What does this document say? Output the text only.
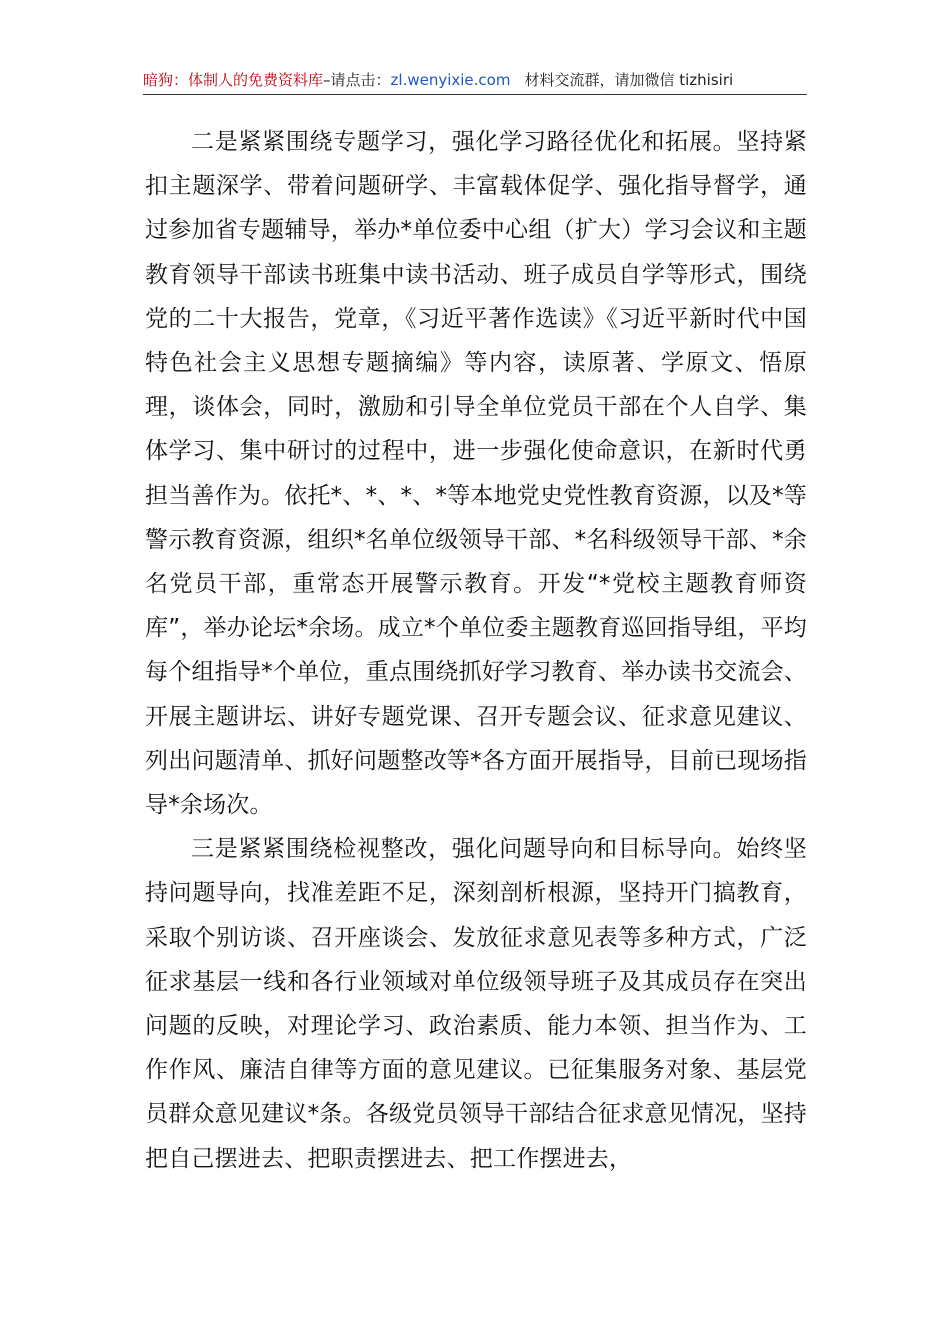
暗狗：体制人的免费资料库–请点击：zl.wenyixie.com 材料交流群，请加微信 tizhisiri

二是紧紧围绕专题学习，强化学习路径优化和拓展。坚持紧扣主题深学、带着问题研学、丰富载体促学、强化指导督学，通过参加省专题辅导，举办*单位委中心组（扩大）学习会议和主题教育领导干部读书班集中读书活动、班子成员自学等形式，围绕党的二十大报告，党章，《习近平著作选读》《习近平新时代中国特色社会主义思想专题摘编》等内容，读原著、学原文、悟原理，谈体会，同时，激励和引导全单位党员干部在个人自学、集体学习、集中研讨的过程中，进一步强化使命意识，在新时代勇担当善作为。依托*、*、*、*等本地党史党性教育资源，以及*等警示教育资源，组织*名单位级领导干部、*名科级领导干部、*余名党员干部，重常态开展警示教育。开发“*党校主题教育师资库”，举办论坛*余场。成立*个单位委主题教育巡回指导组，平均每个组指导*个单位，重点围绕抓好学习教育、举办读书交流会、开展主题讲坛、讲好专题党课、召开专题会议、征求意见建议、列出问题清单、抓好问题整改等*各方面开展指导，目前已现场指导*余场次。

三是紧紧围绕检视整改，强化问题导向和目标导向。始终坚持问题导向，找准差距不足，深刻剖析根源，坚持开门搞教育，采取个别访谈、召开座谈会、发放征求意见表等多种方式，广泛征求基层一线和各行业领域对单位级领导班子及其成员存在突出问题的反映，对理论学习、政治素质、能力本领、担当作为、工作作风、廉洁自律等方面的意见建议。已征集服务对象、基层党员群众意见建议*条。各级党员领导干部结合征求意见情况，坚持把自己摆进去、把职责摆进去、把工作摆进去，
